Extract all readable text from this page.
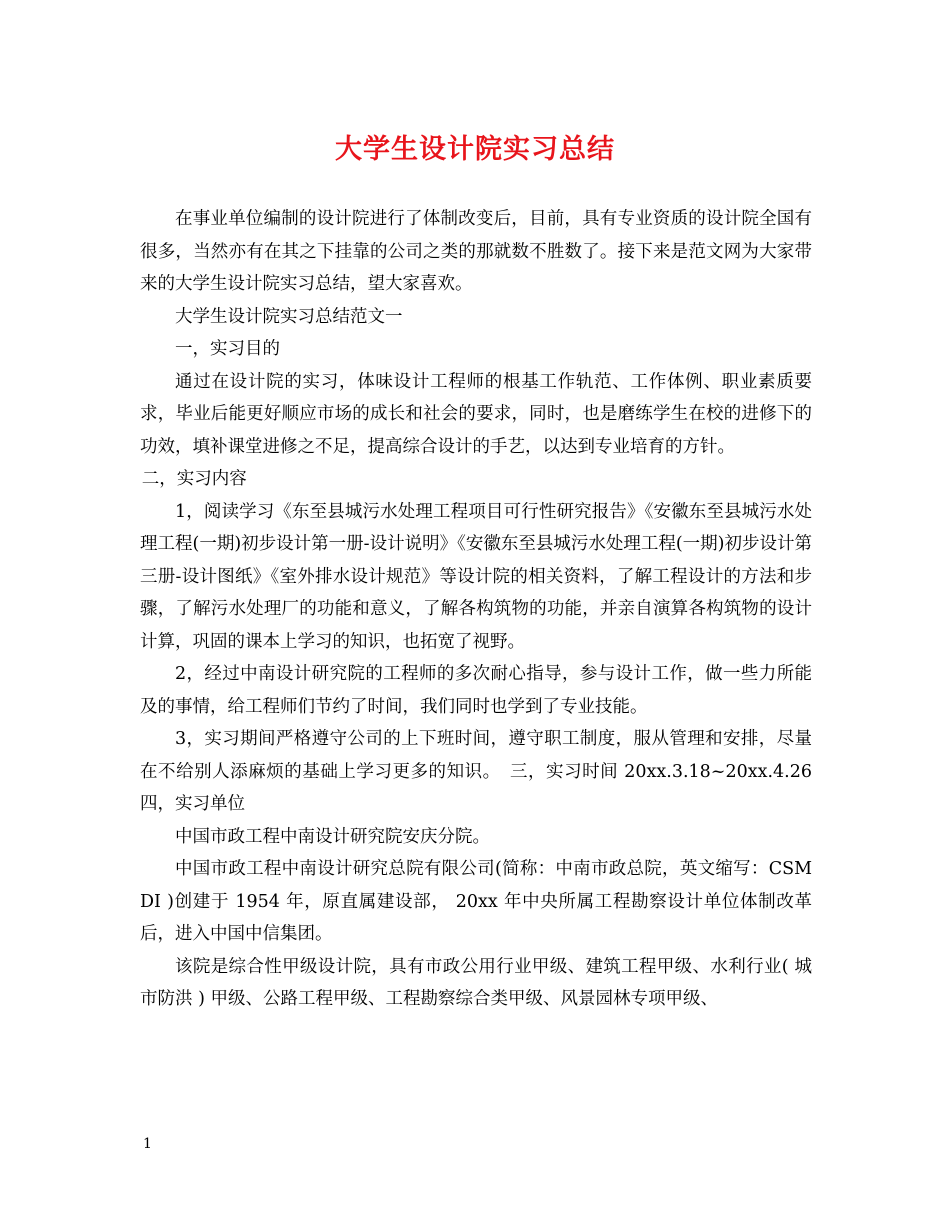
大学生设计院实习总结

在事业单位编制的设计院进行了体制改变后，目前，具有专业资质的设计院全国有很多，当然亦有在其之下挂靠的公司之类的那就数不胜数了。接下来是范文网为大家带来的大学生设计院实习总结，望大家喜欢。

大学生设计院实习总结范文一

一，实习目的

通过在设计院的实习，体味设计工程师的根基工作轨范、工作体例、职业素质要求，毕业后能更好顺应市场的成长和社会的要求，同时，也是磨练学生在校的进修下的功效，填补课堂进修之不足，提高综合设计的手艺，以达到专业培育的方针。

二，实习内容

1，阅读学习《东至县城污水处理工程项目可行性研究报告》《安徽东至县城污水处理工程(一期)初步设计第一册-设计说明》《安徽东至县城污水处理工程(一期)初步设计第三册-设计图纸》《室外排水设计规范》等设计院的相关资料，了解工程设计的方法和步骤，了解污水处理厂的功能和意义，了解各构筑物的功能，并亲自演算各构筑物的设计计算，巩固的课本上学习的知识，也拓宽了视野。

2，经过中南设计研究院的工程师的多次耐心指导，参与设计工作，做一些力所能及的事情，给工程师们节约了时间，我们同时也学到了专业技能。

3，实习期间严格遵守公司的上下班时间，遵守职工制度，服从管理和安排，尽量在不给别人添麻烦的基础上学习更多的知识。　三，实习时间 20xx.3.18~20xx.4.26 四，实习单位

中国市政工程中南设计研究院安庆分院。

中国市政工程中南设计研究总院有限公司(简称：中南市政总院，英文缩写：CSMDI )创建于 1954 年，原直属建设部， 20xx 年中央所属工程勘察设计单位体制改革后，进入中国中信集团。

该院是综合性甲级设计院，具有市政公用行业甲级、建筑工程甲级、水利行业( 城市防洪 ) 甲级、公路工程甲级、工程勘察综合类甲级、风景园林专项甲级、

1
